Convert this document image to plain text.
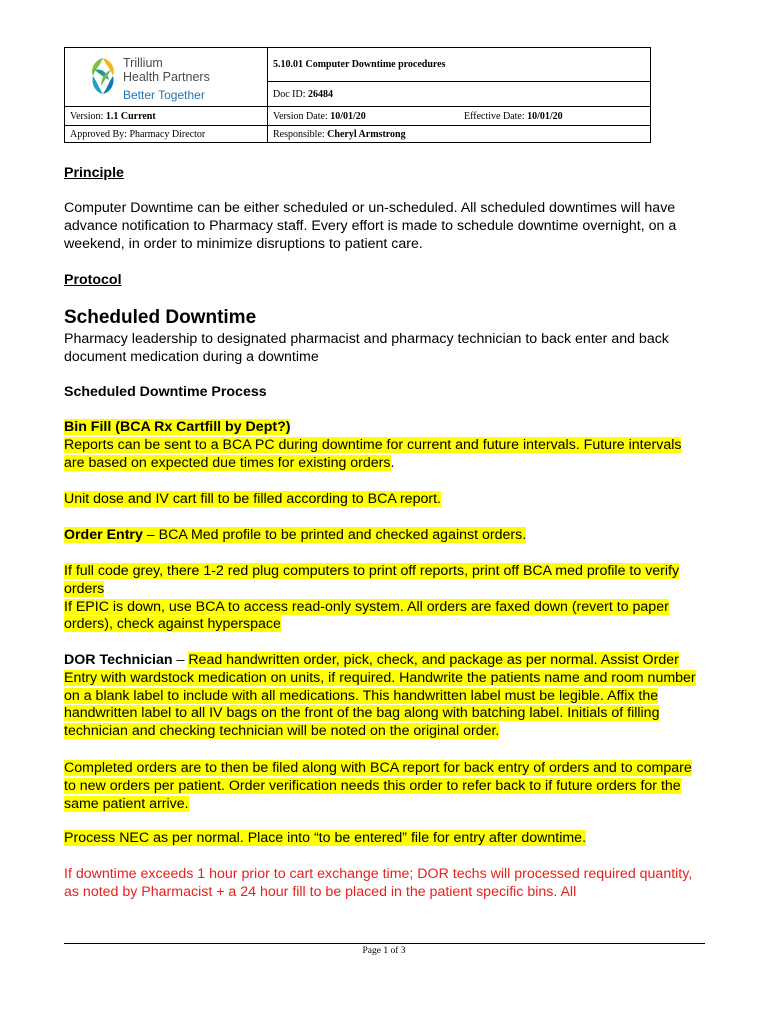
Trillium
Health Partners
Better Together	5.10.01 Computer Downtime procedures
	Doc ID: 26484
Version: 1.1 Current	Version Date: 10/01/20 Effective Date: 10/01/20

Approved By: Pharmacy Director	Responsible: Cheryl Armstrong

Principle

Computer Downtime can be either scheduled or un-scheduled. All scheduled downtimes will have advance notification to Pharmacy staff. Every effort is made to schedule downtime overnight, on a weekend, in order to minimize disruptions to patient care.

Protocol

Scheduled Downtime

Pharmacy leadership to designated pharmacist and pharmacy technician to back enter and back document medication during a downtime

Scheduled Downtime Process

Bin Fill (BCA Rx Cartfill by Dept?)
Reports can be sent to a BCA PC during downtime for current and future intervals. Future intervals are based on expected due times for existing orders.

Unit dose and IV cart fill to be filled according to BCA report.

Order Entry – BCA Med profile to be printed and checked against orders.

If full code grey, there 1-2 red plug computers to print off reports, print off BCA med profile to verify orders
If EPIC is down, use BCA to access read-only system. All orders are faxed down (revert to paper orders), check against hyperspace

DOR Technician – Read handwritten order, pick, check, and package as per normal. Assist Order Entry with wardstock medication on units, if required. Handwrite the patients name and room number on a blank label to include with all medications. This handwritten label must be legible. Affix the handwritten label to all IV bags on the front of the bag along with batching label. Initials of filling technician and checking technician will be noted on the original order.

Completed orders are to then be filed along with BCA report for back entry of orders and to compare to new orders per patient. Order verification needs this order to refer back to if future orders for the same patient arrive.

Process NEC as per normal. Place into “to be entered” file for entry after downtime.

If downtime exceeds 1 hour prior to cart exchange time; DOR techs will processed required quantity, as noted by Pharmacist + a 24 hour fill to be placed in the patient specific bins. All

Page 1 of 3
